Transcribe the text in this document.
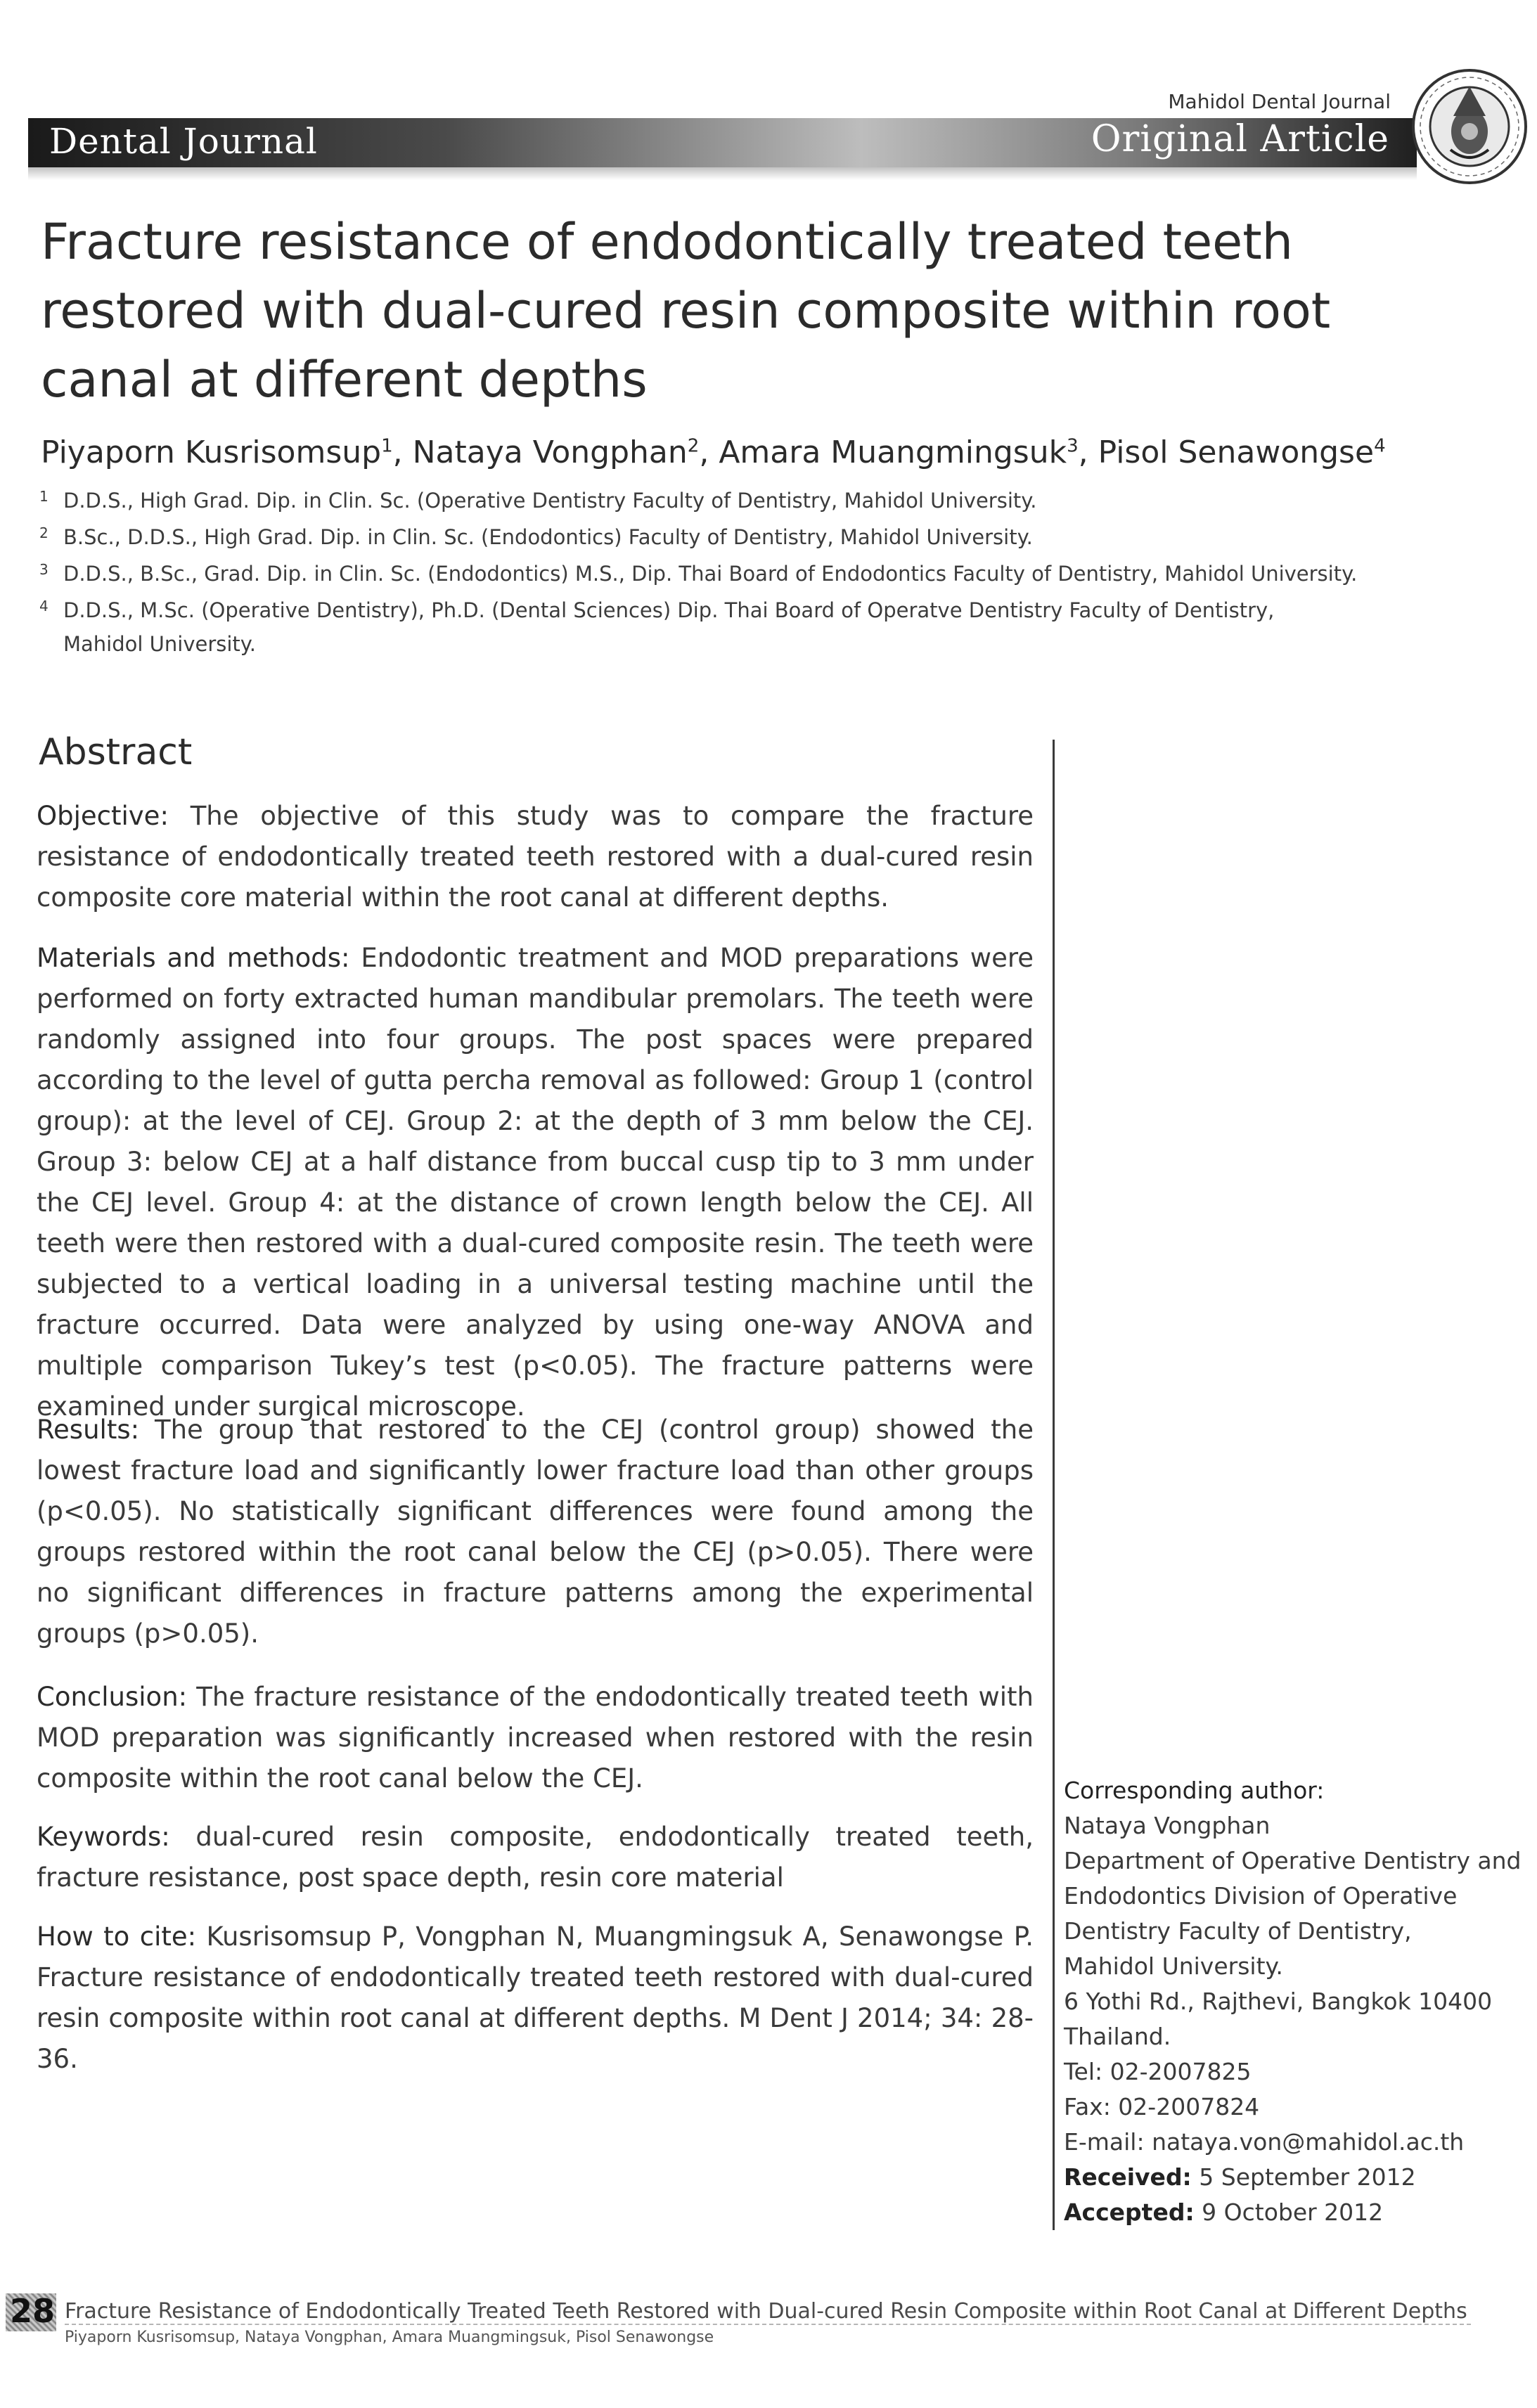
Mahidol Dental Journal
Dental Journal	Original Article
Fracture resistance of endodontically treated teeth restored with dual-cured resin composite within root canal at different depths
Piyaporn Kusrisomsup$^1$, Nataya Vongphan$^2$, Amara Muangmingsuk$^3$, Pisol Senawongse$^4$
1 D.D.S., High Grad. Dip. in Clin. Sc. (Operative Dentistry Faculty of Dentistry, Mahidol University.
2 B.Sc., D.D.S., High Grad. Dip. in Clin. Sc. (Endodontics) Faculty of Dentistry, Mahidol University.
3 D.D.S., B.Sc., Grad. Dip. in Clin. Sc. (Endodontics) M.S., Dip. Thai Board of Endodontics Faculty of Dentistry, Mahidol University.
4 D.D.S., M.Sc. (Operative Dentistry), Ph.D. (Dental Sciences) Dip. Thai Board of Operatve Dentistry Faculty of Dentistry,
Mahidol University.
Abstract
Objective: The objective of this study was to compare the fracture resistance of endodontically treated teeth restored with a dual-cured resin composite core material within the root canal at different depths.
Materials and methods: Endodontic treatment and MOD preparations were performed on forty extracted human mandibular premolars. The teeth were randomly assigned into four groups. The post spaces were prepared according to the level of gutta percha removal as followed: Group 1 (control group): at the level of CEJ. Group 2: at the depth of 3 mm below the CEJ. Group 3: below CEJ at a half distance from buccal cusp tip to 3 mm under the CEJ level. Group 4: at the distance of crown length below the CEJ. All teeth were then restored with a dual-cured composite resin. The teeth were subjected to a vertical loading in a universal testing machine until the fracture occurred. Data were analyzed by using one-way ANOVA and multiple comparison Tukey’s test (p<0.05). The fracture patterns were examined under surgical microscope.
Results: The group that restored to the CEJ (control group) showed the lowest fracture load and significantly lower fracture load than other groups (p<0.05). No statistically significant differences were found among the groups restored within the root canal below the CEJ (p>0.05). There were no significant differences in fracture patterns among the experimental groups (p>0.05).
Conclusion: The fracture resistance of the endodontically treated teeth with MOD preparation was significantly increased when restored with the resin composite within the root canal below the CEJ.
Keywords: dual-cured resin composite, endodontically treated teeth, fracture resistance, post space depth, resin core material
How to cite: Kusrisomsup P, Vongphan N, Muangmingsuk A, Senawongse P. Fracture resistance of endodontically treated teeth restored with dual-cured resin composite within root canal at different depths. M Dent J 2014; 34: 28-36.
Corresponding author:
Nataya Vongphan
Department of Operative Dentistry and
Endodontics Division of Operative
Dentistry Faculty of Dentistry,
Mahidol University.
6 Yothi Rd., Rajthevi, Bangkok 10400
Thailand.
Tel: 02-2007825
Fax: 02-2007824
E-mail: nataya.von@mahidol.ac.th
Received: 5 September 2012
Accepted: 9 October 2012
28 Fracture Resistance of Endodontically Treated Teeth Restored with Dual-cured Resin Composite within Root Canal at Different Depths
Piyaporn Kusrisomsup, Nataya Vongphan, Amara Muangmingsuk, Pisol Senawongse
